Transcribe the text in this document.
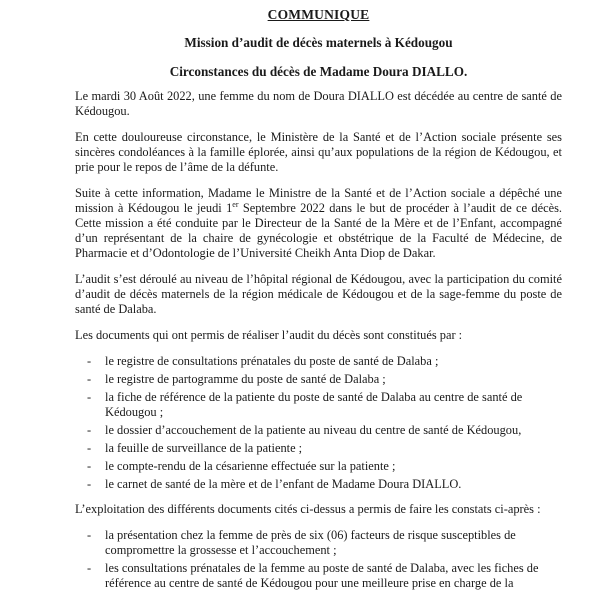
COMMUNIQUE
Mission d’audit de décès maternels à Kédougou
Circonstances du décès de Madame Doura DIALLO.

Le mardi 30 Août 2022, une femme du nom de Doura DIALLO est décédée au centre de santé de Kédougou.

En cette douloureuse circonstance, le Ministère de la Santé et de l’Action sociale présente ses sincères condoléances à la famille éplorée, ainsi qu’aux populations de la région de Kédougou, et prie pour le repos de l’âme de la défunte.

Suite à cette information, Madame le Ministre de la Santé et de l’Action sociale a dépêché une mission à Kédougou le jeudi 1er Septembre 2022 dans le but de procéder à l’audit de ce décès. Cette mission a été conduite par le Directeur de la Santé de la Mère et de l’Enfant, accompagné d’un représentant de la chaire de gynécologie et obstétrique de la Faculté de Médecine, de Pharmacie et d’Odontologie de l’Université Cheikh Anta Diop de Dakar.

L’audit s’est déroulé au niveau de l’hôpital régional de Kédougou, avec la participation du comité d’audit de décès maternels de la région médicale de Kédougou et de la sage-femme du poste de santé de Dalaba.

Les documents qui ont permis de réaliser l’audit du décès sont constitués par :

- le registre de consultations prénatales du poste de santé de Dalaba ;
- le registre de partogramme du poste de santé de Dalaba ;
- la fiche de référence de la patiente du poste de santé de Dalaba au centre de santé de Kédougou ;
- le dossier d’accouchement de la patiente au niveau du centre de santé de Kédougou,
- la feuille de surveillance de la patiente ;
- le compte-rendu de la césarienne effectuée sur la patiente ;
- le carnet de santé de la mère et de l’enfant de Madame Doura DIALLO.

L’exploitation des différents documents cités ci-dessus a permis de faire les constats ci-après :

- la présentation chez la femme de près de six (06) facteurs de risque susceptibles de compromettre la grossesse et l’accouchement ;
- les consultations prénatales de la femme au poste de santé de Dalaba, avec les fiches de référence au centre de santé de Kédougou pour une meilleure prise en charge de la
